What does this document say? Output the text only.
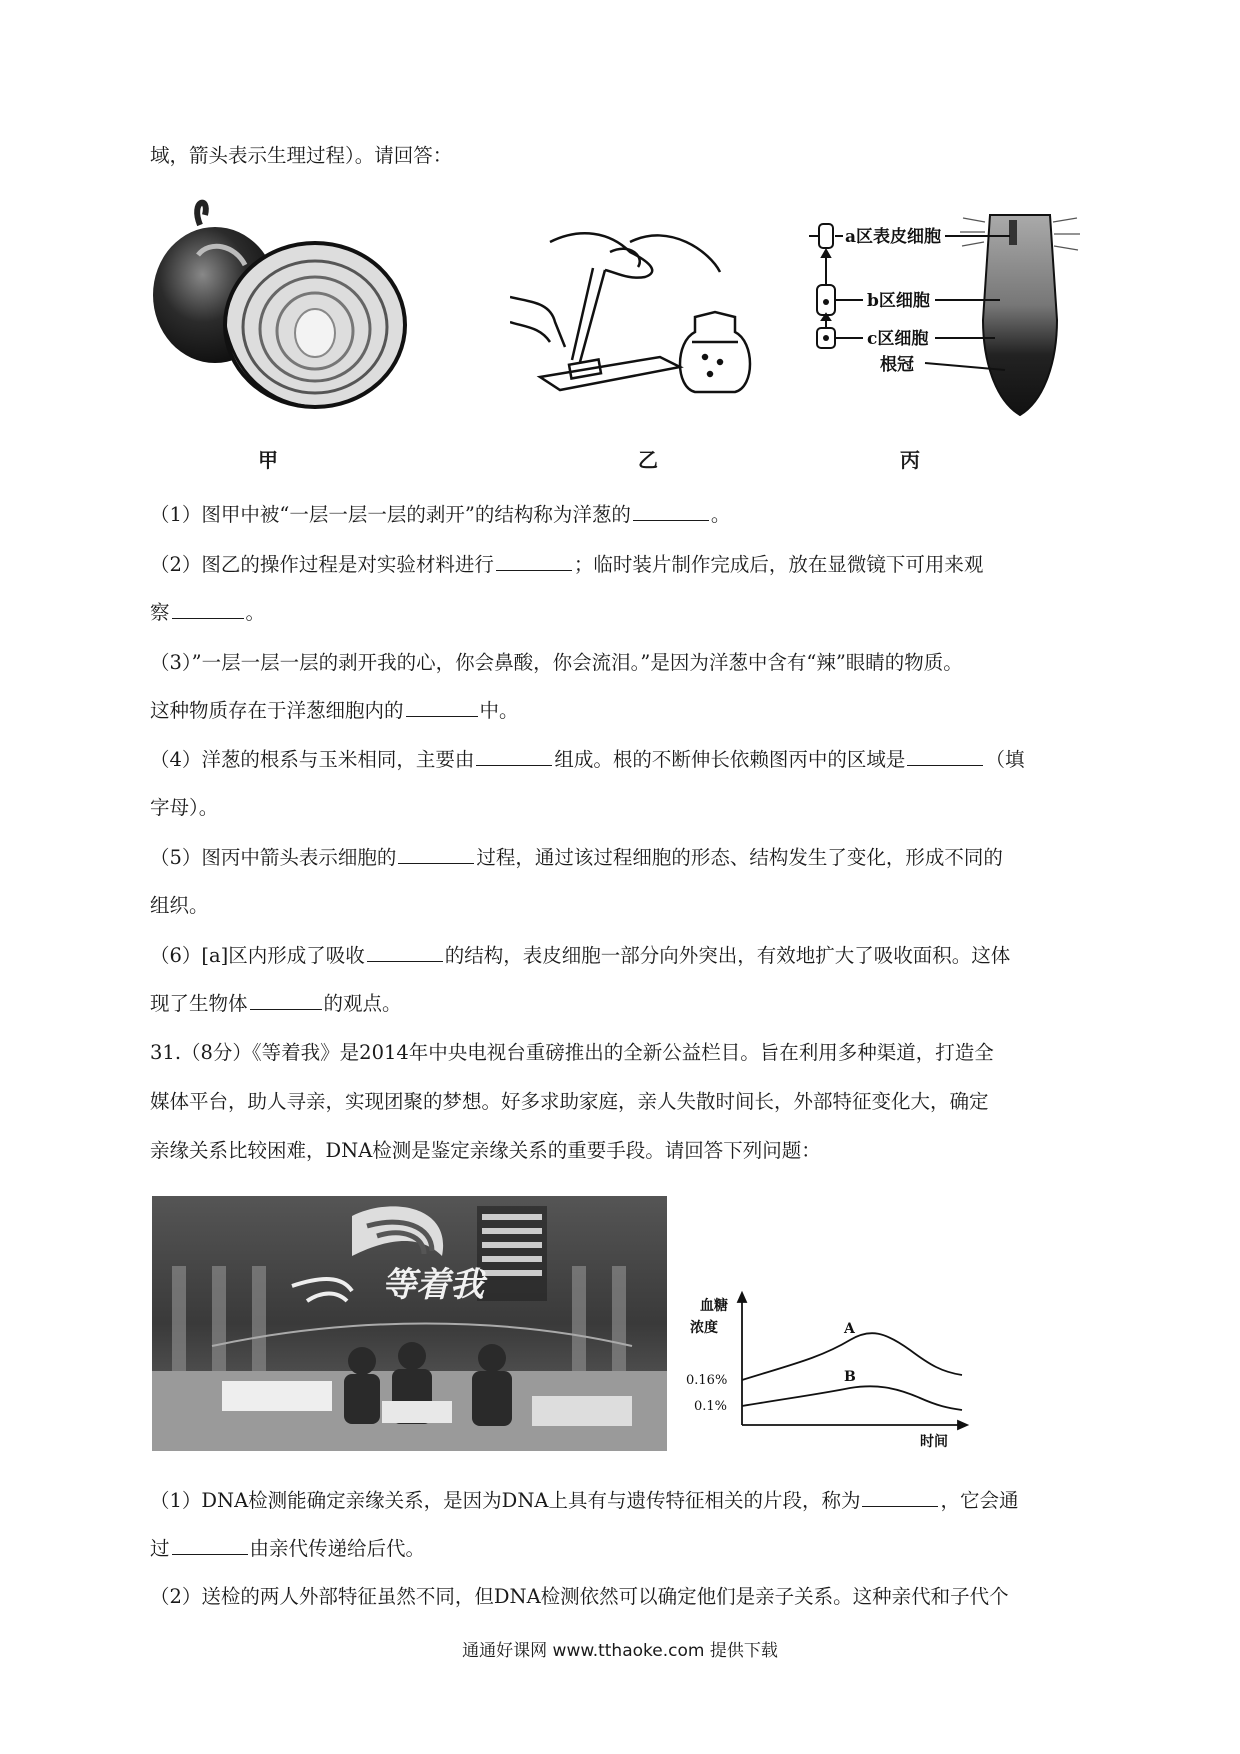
域，箭头表示生理过程）。请回答：
甲	乙
a区表皮细胞
b区细胞
c区细胞
根冠
丙
（1）图甲中被“一层一层一层的剥开”的结构称为洋葱的	。
（2）图乙的操作过程是对实验材料进行	；临时装片制作完成后，放在显微镜下可用来观
察	。
（3）”一层一层一层的剥开我的心，你会鼻酸，你会流泪。”是因为洋葱中含有“辣”眼睛的物质。
这种物质存在于洋葱细胞内的	中。
（4）洋葱的根系与玉米相同，主要由	组成。根的不断伸长依赖图丙中的区域是	（填
字母）。
（5）图丙中箭头表示细胞的	过程，通过该过程细胞的形态、结构发生了变化，形成不同的
组织。
（6）[a]区内形成了吸收	的结构，表皮细胞一部分向外突出，有效地扩大了吸收面积。这体
现了生物体	的观点。
31.（8分）《等着我》是2014年中央电视台重磅推出的全新公益栏目。旨在利用多种渠道，打造全
媒体平台，助人寻亲，实现团聚的梦想。好多求助家庭，亲人失散时间长，外部特征变化大，确定
亲缘关系比较困难，DNA检测是鉴定亲缘关系的重要手段。请回答下列问题：
等着我
血糖
浓度
时间
A
B
0.16%
0.1%
（1）DNA检测能确定亲缘关系，是因为DNA上具有与遗传特征相关的片段，称为	，它会通
过	由亲代传递给后代。
（2）送检的两人外部特征虽然不同，但DNA检测依然可以确定他们是亲子关系。这种亲代和子代个
通通好课网 www.tthaoke.com 提供下载
